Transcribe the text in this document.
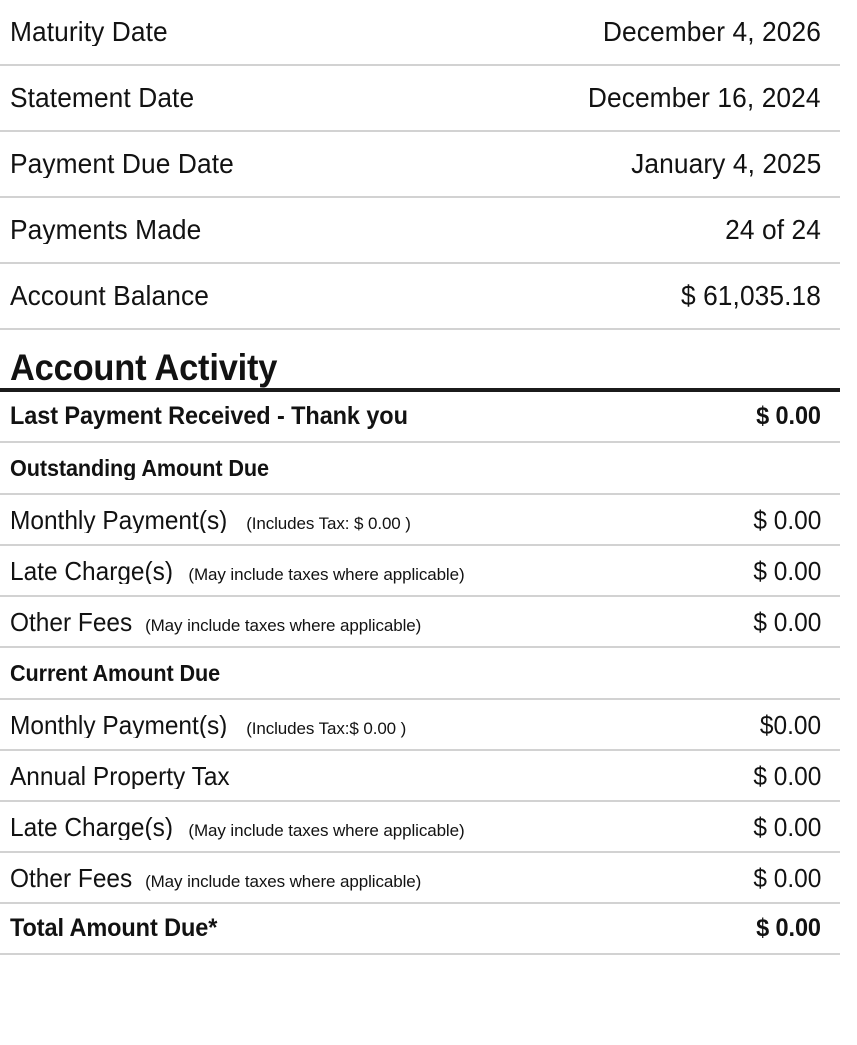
Maturity Date	December 4, 2026
Statement Date	December 16, 2024
Payment Due Date	January 4, 2025
Payments Made	24 of 24
Account Balance	$ 61,035.18
Account Activity
Last Payment Received - Thank you	$ 0.00
Outstanding Amount Due
Monthly Payment(s) (Includes Tax: $ 0.00 )	$ 0.00
Late Charge(s) (May include taxes where applicable)	$ 0.00
Other Fees (May include taxes where applicable)	$ 0.00
Current Amount Due
Monthly Payment(s) (Includes Tax:$ 0.00 )	$0.00
Annual Property Tax	$ 0.00
Late Charge(s) (May include taxes where applicable)	$ 0.00
Other Fees (May include taxes where applicable)	$ 0.00
Total Amount Due*	$ 0.00
